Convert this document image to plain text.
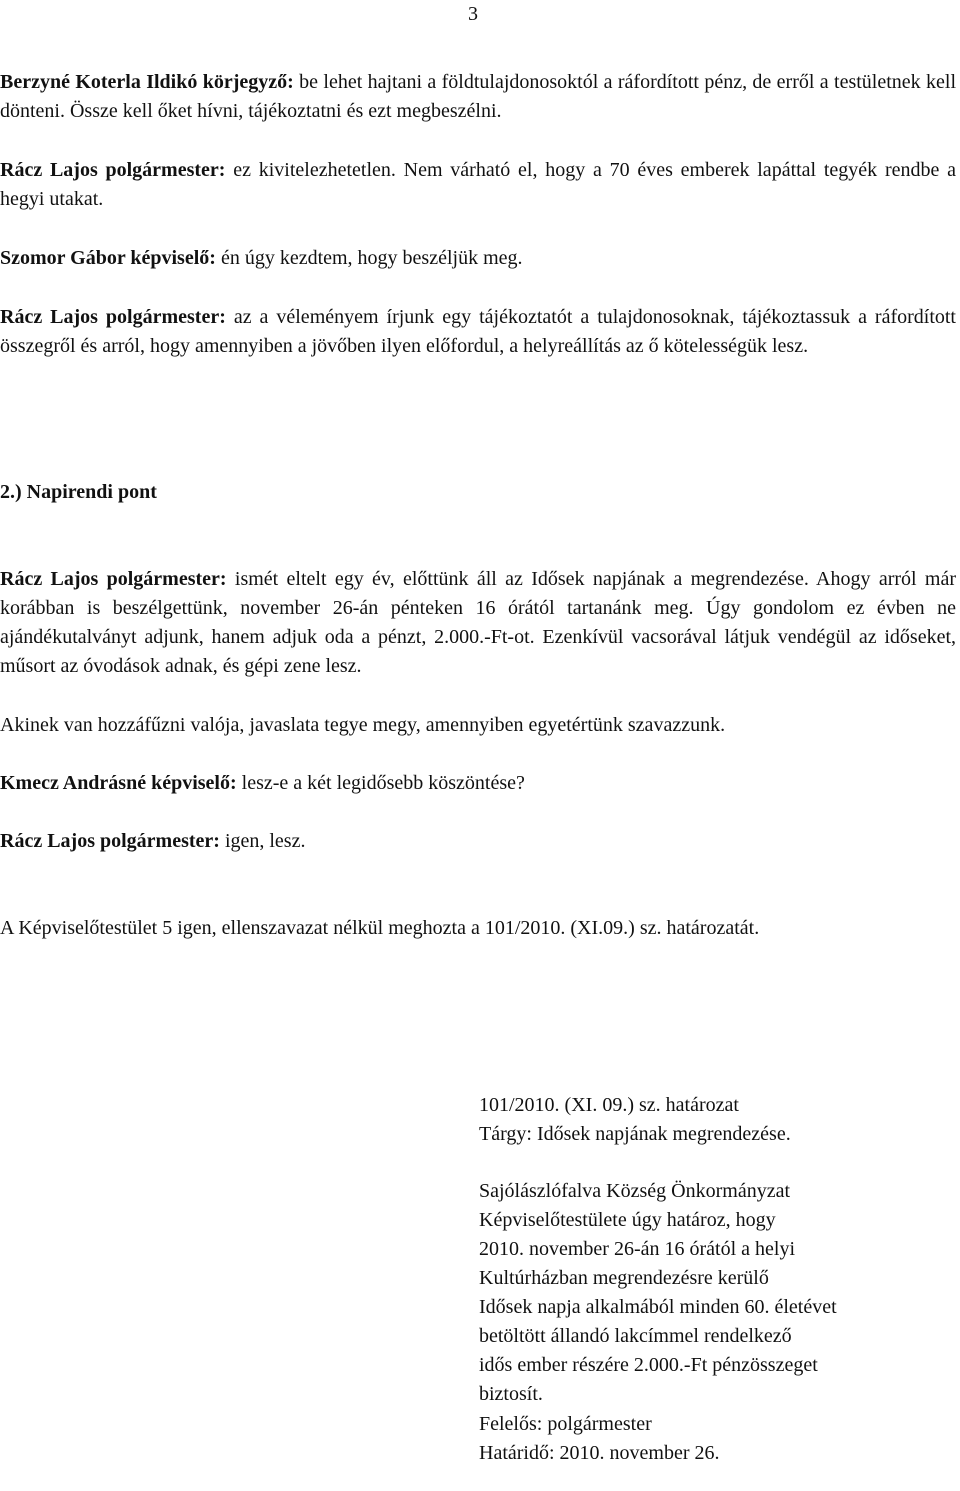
3

Berzyné Koterla Ildikó körjegyző: be lehet hajtani a földtulajdonosoktól a ráfordított pénz, de erről a testületnek kell dönteni. Össze kell őket hívni, tájékoztatni és ezt megbeszélni.

Rácz Lajos polgármester: ez kivitelezhetetlen. Nem várható el, hogy a 70 éves emberek lapáttal tegyék rendbe a hegyi utakat.

Szomor Gábor képviselő: én úgy kezdtem, hogy beszéljük meg.

Rácz Lajos polgármester: az a véleményem írjunk egy tájékoztatót a tulajdonosoknak, tájékoztassuk a ráfordított összegről és arról, hogy amennyiben a jövőben ilyen előfordul, a helyreállítás az ő kötelességük lesz.

2.) Napirendi pont

Rácz Lajos polgármester: ismét eltelt egy év, előttünk áll az Idősek napjának a megrendezése. Ahogy arról már korábban is beszélgettünk, november 26-án pénteken 16 órától tartanánk meg. Úgy gondolom ez évben ne ajándékutalványt adjunk, hanem adjuk oda a pénzt, 2.000.-Ft-ot. Ezenkívül vacsorával látjuk vendégül az időseket, műsort az óvodások adnak, és gépi zene lesz.

Akinek van hozzáfűzni valója, javaslata tegye megy, amennyiben egyetértünk szavazzunk.

Kmecz Andrásné képviselő: lesz-e a két legidősebb köszöntése?

Rácz Lajos polgármester: igen, lesz.

A Képviselőtestület 5 igen, ellenszavazat nélkül meghozta a 101/2010. (XI.09.) sz. határozatát.

101/2010. (XI. 09.) sz. határozat
Tárgy: Idősek napjának megrendezése.
Sajólászlófalva Község Önkormányzat
Képviselőtestülete úgy határoz, hogy
2010. november 26-án 16 órától a helyi
Kultúrházban megrendezésre kerülő
Idősek napja alkalmából minden 60. életévet
betöltött állandó lakcímmel rendelkező
idős ember részére 2.000.-Ft pénzösszeget
biztosít.
Felelős: polgármester
Határidő: 2010. november 26.
